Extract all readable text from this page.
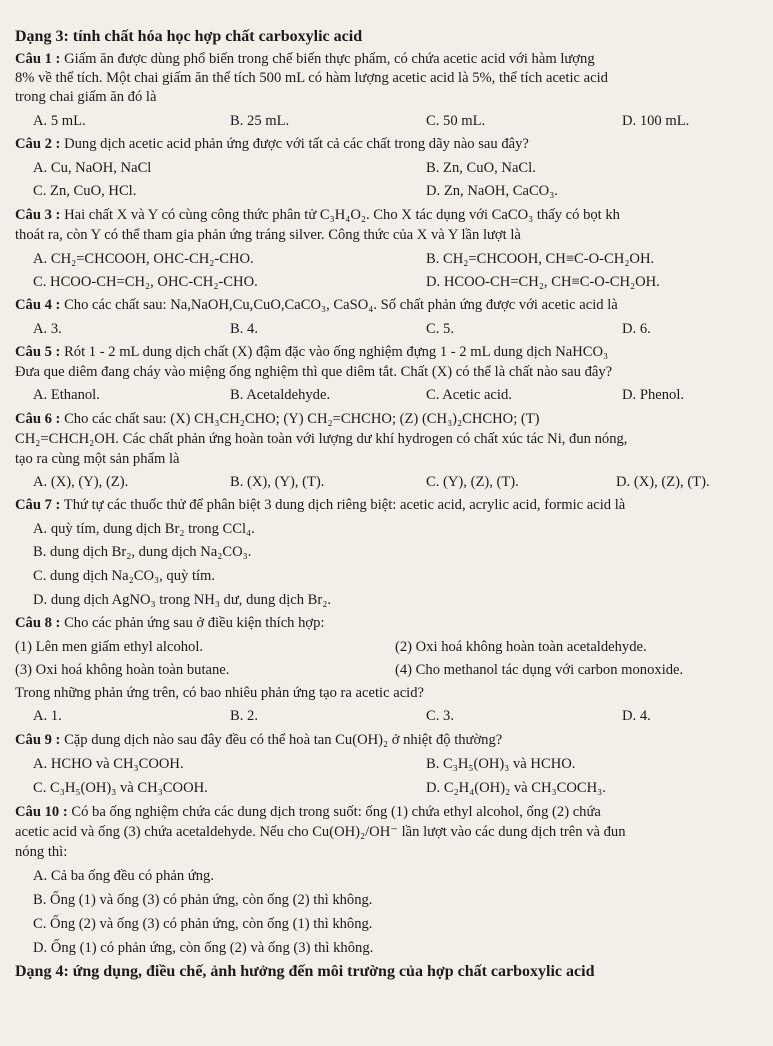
Dạng 3: tính chất hóa học hợp chất carboxylic acid
Câu 1 : Giấm ăn được dùng phổ biến trong chế biến thực phẩm, có chứa acetic acid với hàm lượng
8% về thể tích. Một chai giấm ăn thể tích 500 mL có hàm lượng acetic acid là 5%, thể tích acetic acid
trong chai giấm ăn đó là
A. 5 mL.	B. 25 mL.	C. 50 mL.	D. 100 mL.
Câu 2 : Dung dịch acetic acid phản ứng được với tất cả các chất trong dãy nào sau đây?
A. Cu, NaOH, NaCl	B. Zn, CuO, NaCl.
C. Zn, CuO, HCl.	D. Zn, NaOH, CaCO₃.
Câu 3 : Hai chất X và Y có cùng công thức phân tử C₃H₄O₂. Cho X tác dụng với CaCO₃ thấy có bọt kh
thoát ra, còn Y có thể tham gia phản ứng tráng silver. Công thức của X và Y lần lượt là
A. CH₂=CHCOOH, OHC-CH₂-CHO.	B. CH₂=CHCOOH, CH≡C-O-CH₂OH.
C. HCOO-CH=CH₂, OHC-CH₂-CHO.	D. HCOO-CH=CH₂, CH≡C-O-CH₂OH.
Câu 4 : Cho các chất sau: Na,NaOH,Cu,CuO,CaCO₃, CaSO₄. Số chất phản ứng được với acetic acid là
A. 3.	B. 4.	C. 5.	D. 6.
Câu 5 : Rót 1 - 2 mL dung dịch chất (X) đậm đặc vào ống nghiệm đựng 1 - 2 mL dung dịch NaHCO₃
Đưa que diêm đang cháy vào miệng ống nghiệm thì que diêm tắt. Chất (X) có thể là chất nào sau đây?
A. Ethanol.	B. Acetaldehyde.	C. Acetic acid.	D. Phenol.
Câu 6 : Cho các chất sau: (X) CH₃CH₂CHO; (Y) CH₂=CHCHO; (Z) (CH₃)₂CHCHO; (T)
CH₂=CHCH₂OH. Các chất phản ứng hoàn toàn với lượng dư khí hydrogen có chất xúc tác Ni, đun nóng,
tạo ra cùng một sản phẩm là
A. (X), (Y), (Z).	B. (X), (Y), (T).	C. (Y), (Z), (T).	D. (X), (Z), (T).
Câu 7 : Thứ tự các thuốc thử để phân biệt 3 dung dịch riêng biệt: acetic acid, acrylic acid, formic acid là
A. quỳ tím, dung dịch Br₂ trong CCl₄.
B. dung dịch Br₂, dung dịch Na₂CO₃.
C. dung dịch Na₂CO₃, quỳ tím.
D. dung dịch AgNO₃ trong NH₃ dư, dung dịch Br₂.
Câu 8 : Cho các phản ứng sau ở điều kiện thích hợp:
(1) Lên men giấm ethyl alcohol.	(2) Oxi hoá không hoàn toàn acetaldehyde.
(3) Oxi hoá không hoàn toàn butane.	(4) Cho methanol tác dụng với carbon monoxide.
Trong những phản ứng trên, có bao nhiêu phản ứng tạo ra acetic acid?
A. 1.	B. 2.	C. 3.	D. 4.
Câu 9 : Cặp dung dịch nào sau đây đều có thể hoà tan Cu(OH)₂ ở nhiệt độ thường?
A. HCHO và CH₃COOH.	B. C₃H₅(OH)₃ và HCHO.
C. C₃H₅(OH)₃ và CH₃COOH.	D. C₂H₄(OH)₂ và CH₃COCH₃.
Câu 10 : Có ba ống nghiệm chứa các dung dịch trong suốt: ống (1) chứa ethyl alcohol, ống (2) chứa
acetic acid và ống (3) chứa acetaldehyde. Nếu cho Cu(OH)₂/OH⁻ lần lượt vào các dung dịch trên và đun
nóng thì:
A. Cả ba ống đều có phản ứng.
B. Ống (1) và ống (3) có phản ứng, còn ống (2) thì không.
C. Ống (2) và ống (3) có phản ứng, còn ống (1) thì không.
D. Ống (1) có phản ứng, còn ống (2) và ống (3) thì không.
Dạng 4: ứng dụng, điều chế, ảnh hưởng đến môi trường của hợp chất carboxylic acid
